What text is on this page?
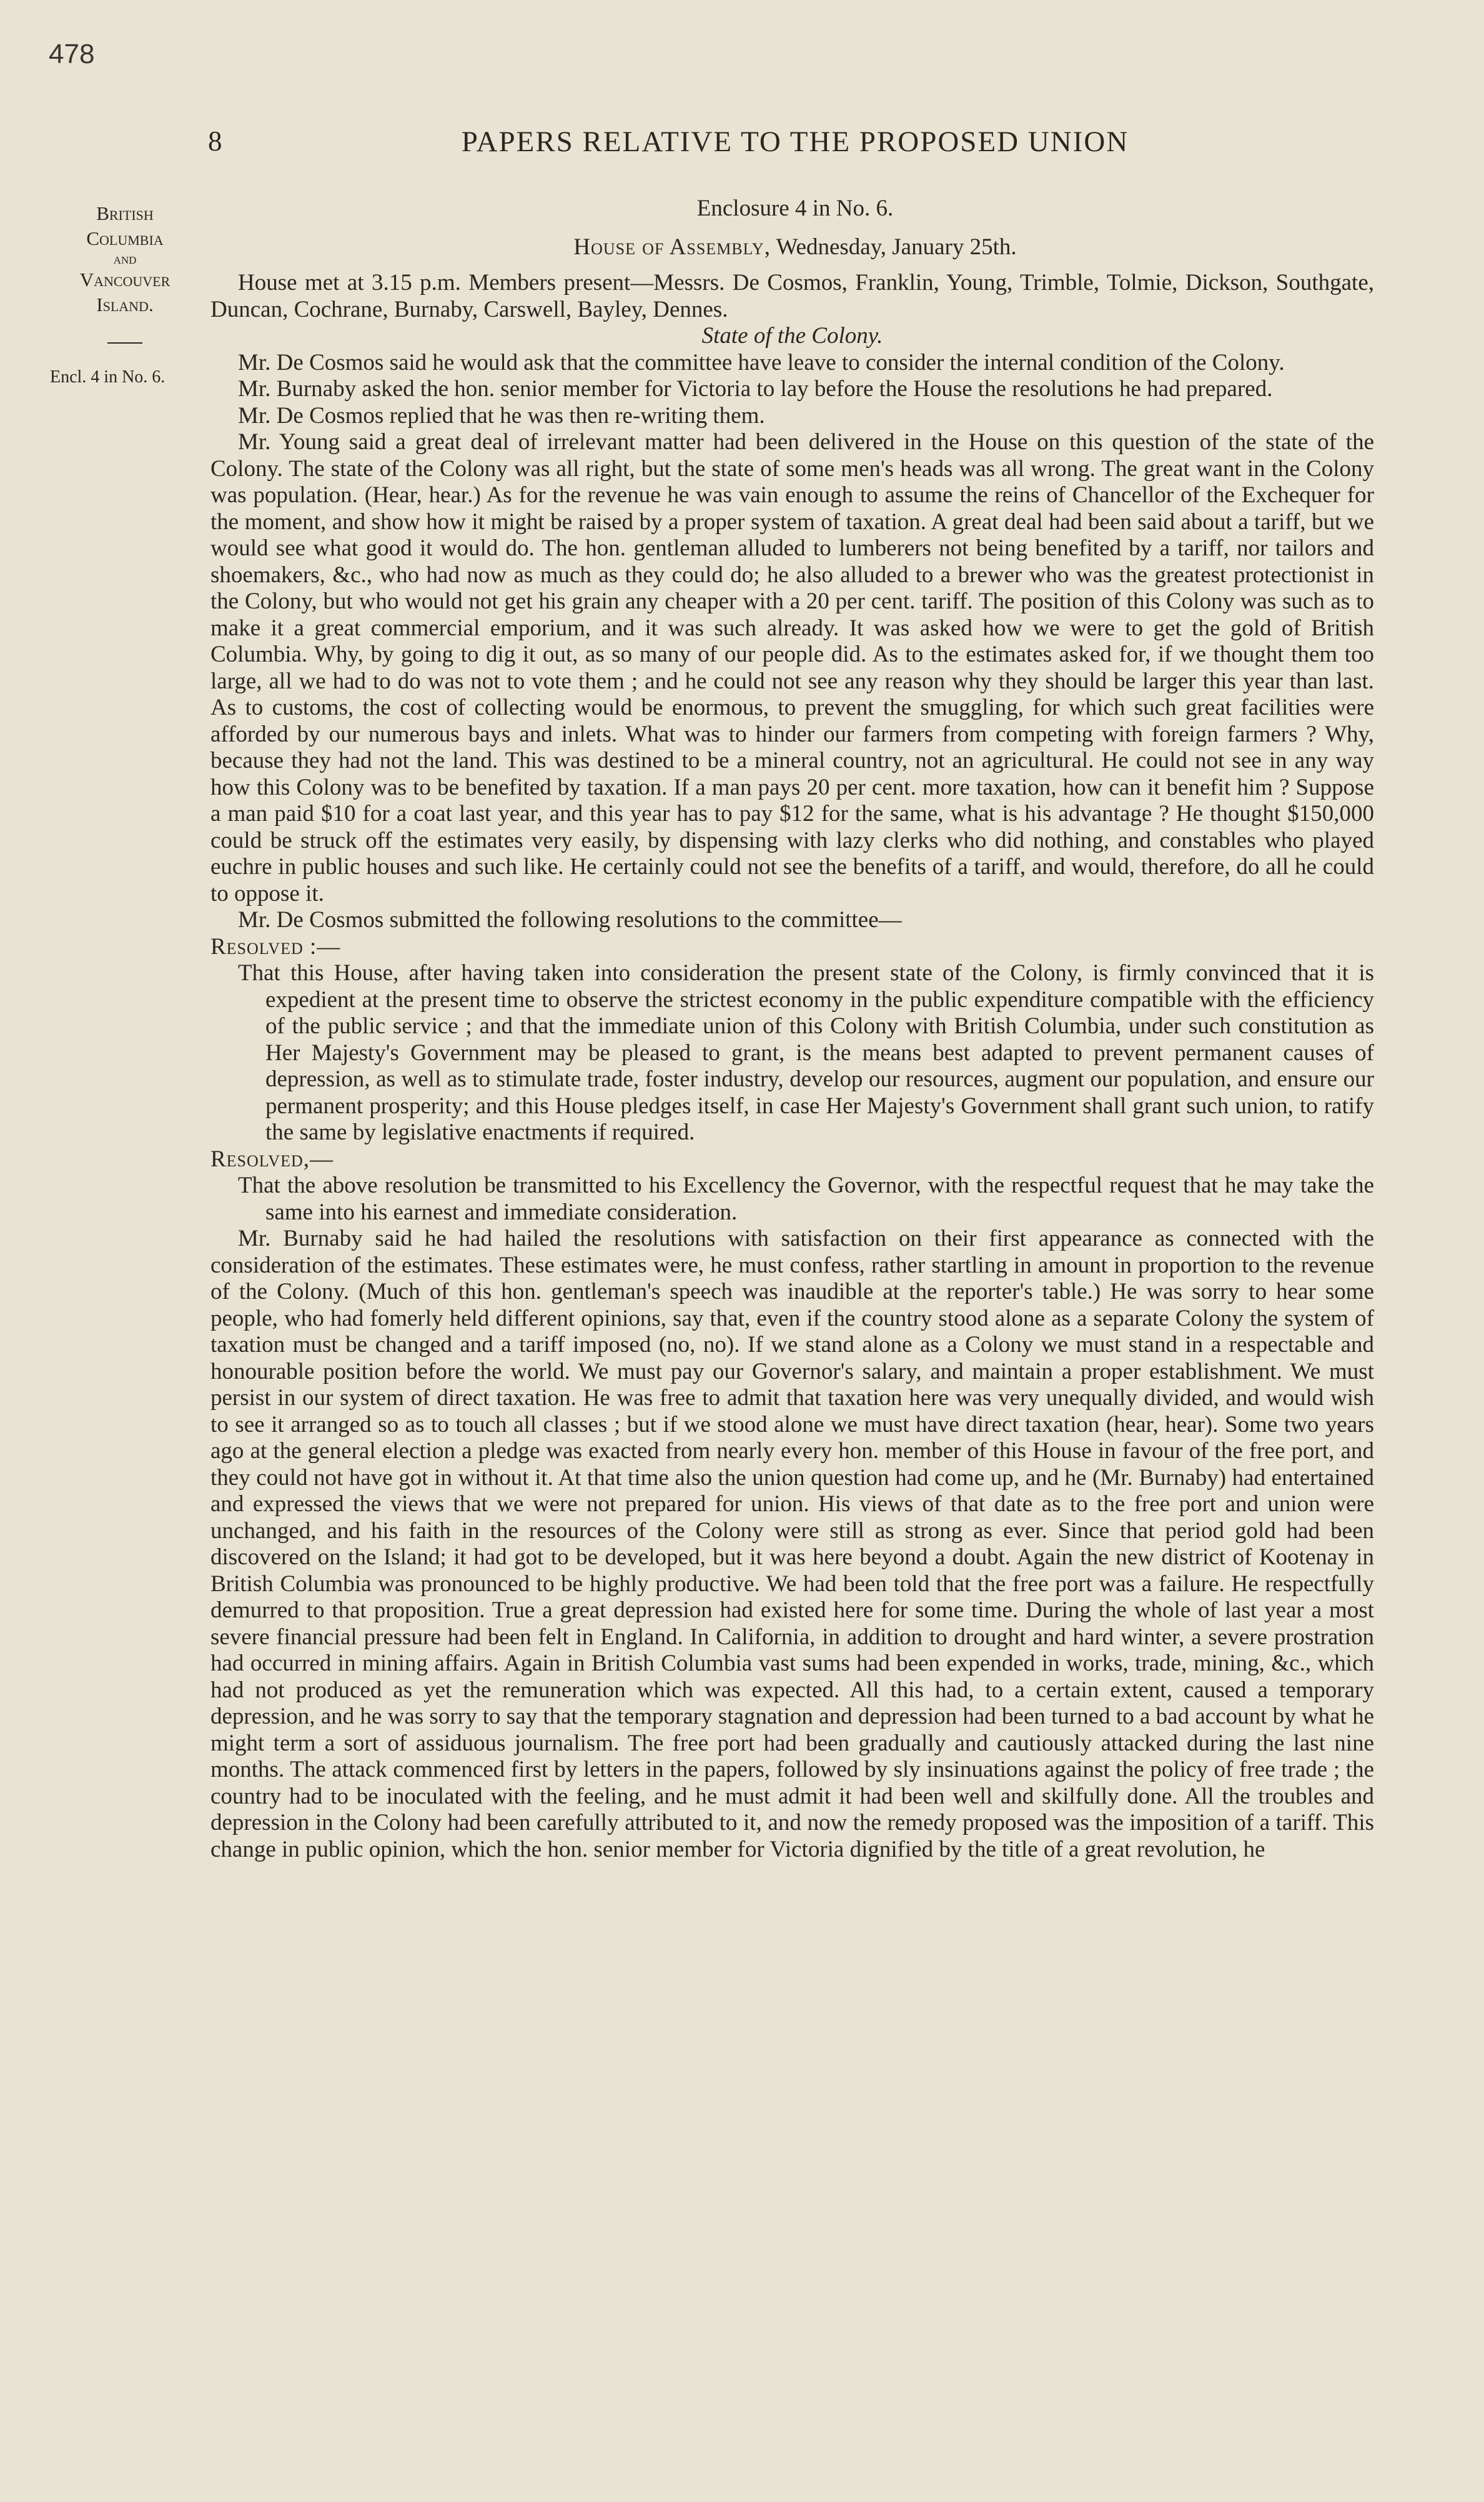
478
8	PAPERS RELATIVE TO THE PROPOSED UNION
British
Columbia
and
Vancouver
Island.
Encl. 4 in No. 6.
Enclosure 4 in No. 6.
House of Assembly, Wednesday, January 25th.

House met at 3.15 p.m. Members present—Messrs. De Cosmos, Franklin, Young, Trimble, Tolmie, Dickson, Southgate, Duncan, Cochrane, Burnaby, Carswell, Bayley, Dennes.

State of the Colony.

Mr. De Cosmos said he would ask that the committee have leave to consider the internal condition of the Colony.

Mr. Burnaby asked the hon. senior member for Victoria to lay before the House the resolutions he had prepared.

Mr. De Cosmos replied that he was then re-writing them.

Mr. Young said a great deal of irrelevant matter had been delivered in the House on this question of the state of the Colony. The state of the Colony was all right, but the state of some men's heads was all wrong. The great want in the Colony was population. (Hear, hear.) As for the revenue he was vain enough to assume the reins of Chancellor of the Exchequer for the moment, and show how it might be raised by a proper system of taxation. A great deal had been said about a tariff, but we would see what good it would do. The hon. gentleman alluded to lumberers not being benefited by a tariff, nor tailors and shoemakers, &c., who had now as much as they could do; he also alluded to a brewer who was the greatest protectionist in the Colony, but who would not get his grain any cheaper with a 20 per cent. tariff. The position of this Colony was such as to make it a great commercial emporium, and it was such already. It was asked how we were to get the gold of British Columbia. Why, by going to dig it out, as so many of our people did. As to the estimates asked for, if we thought them too large, all we had to do was not to vote them ; and he could not see any reason why they should be larger this year than last. As to customs, the cost of collecting would be enormous, to prevent the smuggling, for which such great facilities were afforded by our numerous bays and inlets. What was to hinder our farmers from competing with foreign farmers ? Why, because they had not the land. This was destined to be a mineral country, not an agricultural. He could not see in any way how this Colony was to be benefited by taxation. If a man pays 20 per cent. more taxation, how can it benefit him ? Suppose a man paid $10 for a coat last year, and this year has to pay $12 for the same, what is his advantage ? He thought $150,000 could be struck off the estimates very easily, by dispensing with lazy clerks who did nothing, and constables who played euchre in public houses and such like. He certainly could not see the benefits of a tariff, and would, therefore, do all he could to oppose it.

Mr. De Cosmos submitted the following resolutions to the committee—

Resolved :—

That this House, after having taken into consideration the present state of the Colony, is firmly convinced that it is expedient at the present time to observe the strictest economy in the public expenditure compatible with the efficiency of the public service ; and that the immediate union of this Colony with British Columbia, under such constitution as Her Majesty's Government may be pleased to grant, is the means best adapted to prevent permanent causes of depression, as well as to stimulate trade, foster industry, develop our resources, augment our population, and ensure our permanent prosperity; and this House pledges itself, in case Her Majesty's Government shall grant such union, to ratify the same by legislative enactments if required.

Resolved,—

That the above resolution be transmitted to his Excellency the Governor, with the respectful request that he may take the same into his earnest and immediate consideration.

Mr. Burnaby said he had hailed the resolutions with satisfaction on their first appearance as connected with the consideration of the estimates. These estimates were, he must confess, rather startling in amount in proportion to the revenue of the Colony. (Much of this hon. gentleman's speech was inaudible at the reporter's table.) He was sorry to hear some people, who had fomerly held different opinions, say that, even if the country stood alone as a separate Colony the system of taxation must be changed and a tariff imposed (no, no). If we stand alone as a Colony we must stand in a respectable and honourable position before the world. We must pay our Governor's salary, and maintain a proper establishment. We must persist in our system of direct taxation. He was free to admit that taxation here was very unequally divided, and would wish to see it arranged so as to touch all classes ; but if we stood alone we must have direct taxation (hear, hear). Some two years ago at the general election a pledge was exacted from nearly every hon. member of this House in favour of the free port, and they could not have got in without it. At that time also the union question had come up, and he (Mr. Burnaby) had entertained and expressed the views that we were not prepared for union. His views of that date as to the free port and union were unchanged, and his faith in the resources of the Colony were still as strong as ever. Since that period gold had been discovered on the Island; it had got to be developed, but it was here beyond a doubt. Again the new district of Kootenay in British Columbia was pronounced to be highly productive. We had been told that the free port was a failure. He respectfully demurred to that proposition. True a great depression had existed here for some time. During the whole of last year a most severe financial pressure had been felt in England. In California, in addition to drought and hard winter, a severe prostration had occurred in mining affairs. Again in British Columbia vast sums had been expended in works, trade, mining, &c., which had not produced as yet the remuneration which was expected. All this had, to a certain extent, caused a temporary depression, and he was sorry to say that the temporary stagnation and depression had been turned to a bad account by what he might term a sort of assiduous journalism. The free port had been gradually and cautiously attacked during the last nine months. The attack commenced first by letters in the papers, followed by sly insinuations against the policy of free trade ; the country had to be inoculated with the feeling, and he must admit it had been well and skilfully done. All the troubles and depression in the Colony had been carefully attributed to it, and now the remedy proposed was the imposition of a tariff. This change in public opinion, which the hon. senior member for Victoria dignified by the title of a great revolution, he
